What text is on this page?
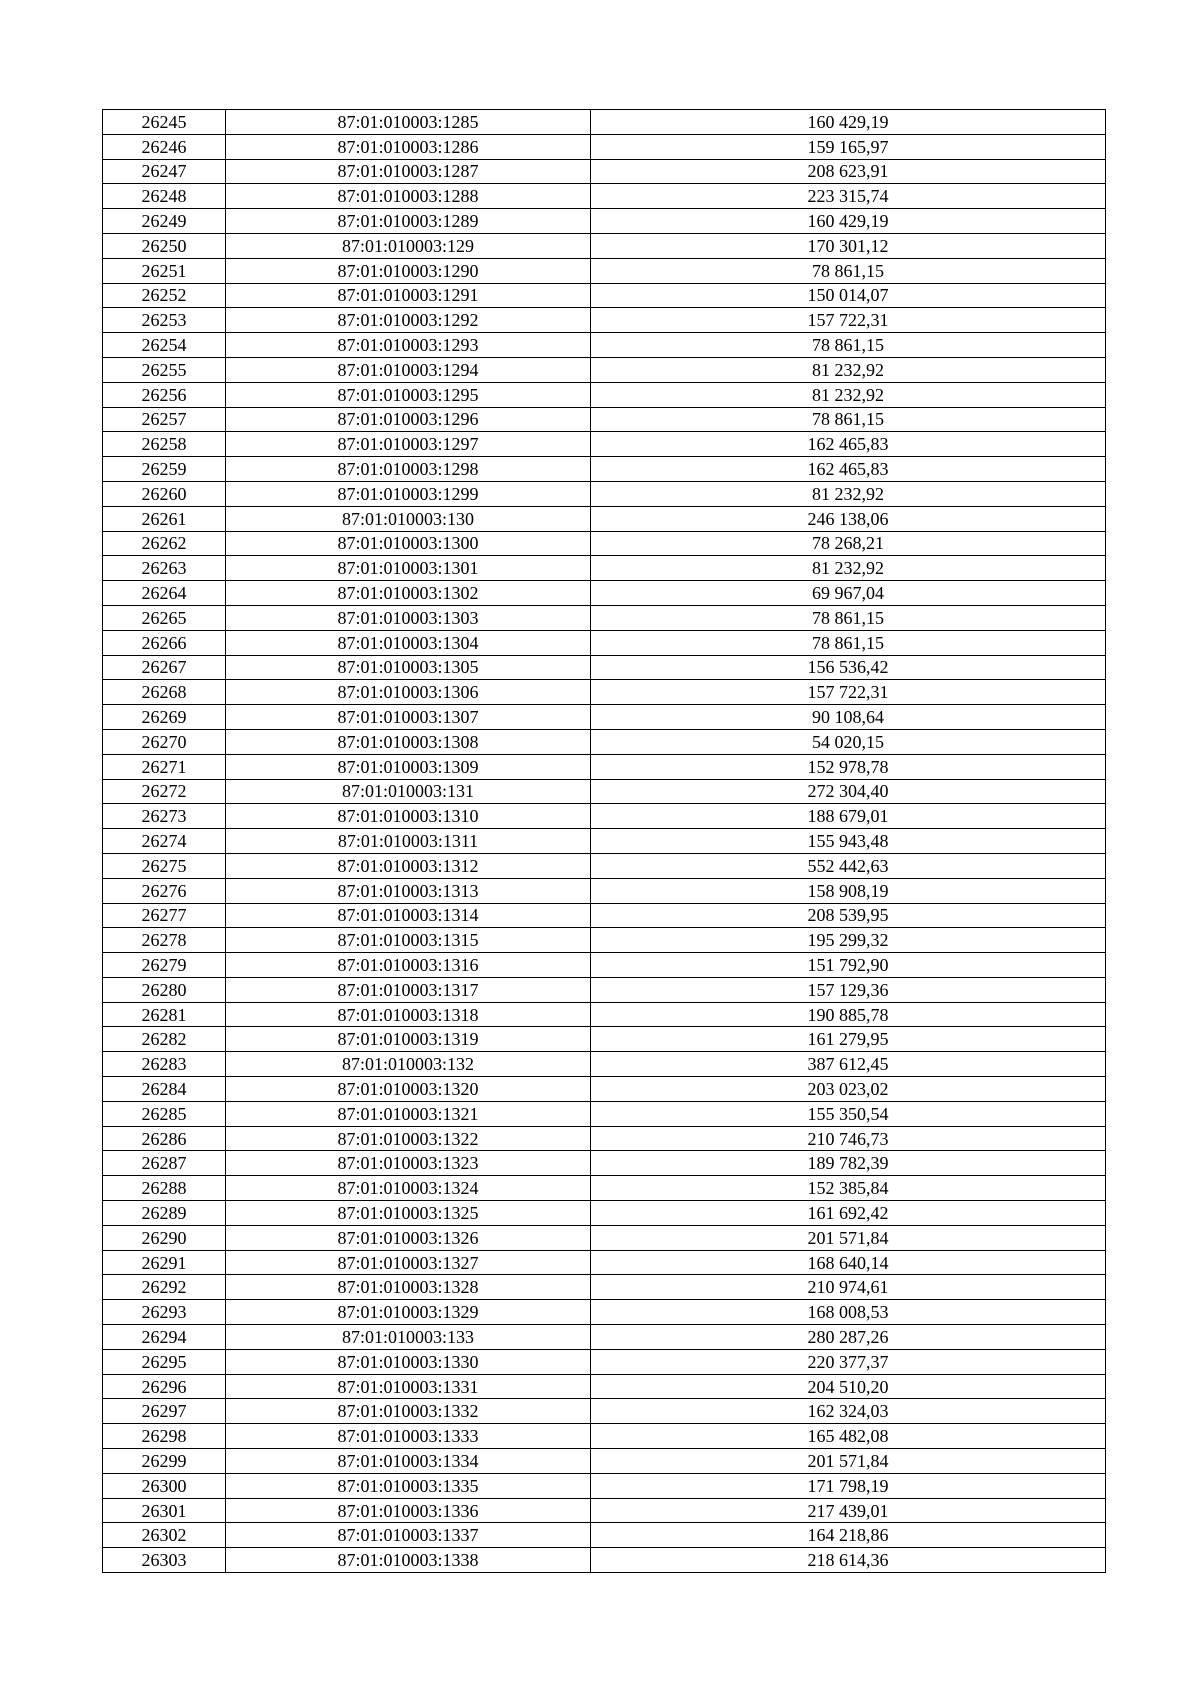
26245	87:01:010003:1285	160 429,19
26246	87:01:010003:1286	159 165,97
26247	87:01:010003:1287	208 623,91
26248	87:01:010003:1288	223 315,74
26249	87:01:010003:1289	160 429,19
26250	87:01:010003:129	170 301,12
26251	87:01:010003:1290	78 861,15
26252	87:01:010003:1291	150 014,07
26253	87:01:010003:1292	157 722,31
26254	87:01:010003:1293	78 861,15
26255	87:01:010003:1294	81 232,92
26256	87:01:010003:1295	81 232,92
26257	87:01:010003:1296	78 861,15
26258	87:01:010003:1297	162 465,83
26259	87:01:010003:1298	162 465,83
26260	87:01:010003:1299	81 232,92
26261	87:01:010003:130	246 138,06
26262	87:01:010003:1300	78 268,21
26263	87:01:010003:1301	81 232,92
26264	87:01:010003:1302	69 967,04
26265	87:01:010003:1303	78 861,15
26266	87:01:010003:1304	78 861,15
26267	87:01:010003:1305	156 536,42
26268	87:01:010003:1306	157 722,31
26269	87:01:010003:1307	90 108,64
26270	87:01:010003:1308	54 020,15
26271	87:01:010003:1309	152 978,78
26272	87:01:010003:131	272 304,40
26273	87:01:010003:1310	188 679,01
26274	87:01:010003:1311	155 943,48
26275	87:01:010003:1312	552 442,63
26276	87:01:010003:1313	158 908,19
26277	87:01:010003:1314	208 539,95
26278	87:01:010003:1315	195 299,32
26279	87:01:010003:1316	151 792,90
26280	87:01:010003:1317	157 129,36
26281	87:01:010003:1318	190 885,78
26282	87:01:010003:1319	161 279,95
26283	87:01:010003:132	387 612,45
26284	87:01:010003:1320	203 023,02
26285	87:01:010003:1321	155 350,54
26286	87:01:010003:1322	210 746,73
26287	87:01:010003:1323	189 782,39
26288	87:01:010003:1324	152 385,84
26289	87:01:010003:1325	161 692,42
26290	87:01:010003:1326	201 571,84
26291	87:01:010003:1327	168 640,14
26292	87:01:010003:1328	210 974,61
26293	87:01:010003:1329	168 008,53
26294	87:01:010003:133	280 287,26
26295	87:01:010003:1330	220 377,37
26296	87:01:010003:1331	204 510,20
26297	87:01:010003:1332	162 324,03
26298	87:01:010003:1333	165 482,08
26299	87:01:010003:1334	201 571,84
26300	87:01:010003:1335	171 798,19
26301	87:01:010003:1336	217 439,01
26302	87:01:010003:1337	164 218,86
26303	87:01:010003:1338	218 614,36
